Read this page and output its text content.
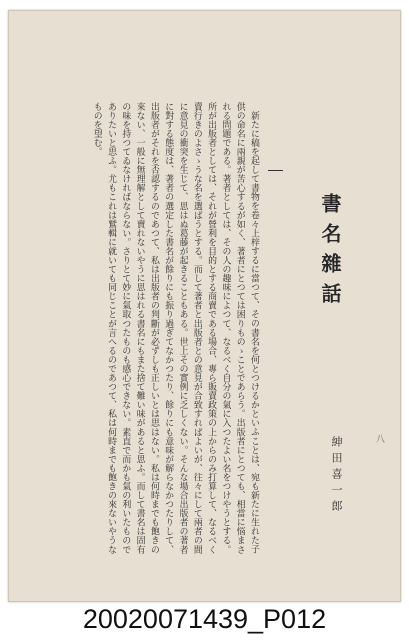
八
書名雜話
紳田喜一郎

新たに稿を起して書物を卷々上梓するに當つて、その書名を何とつけるかといふことは、宛も新たに生れた子供の命名に兩親が苦心するが如く、著者にとつては困りものゝことであらう。出版者にとつても、相當に悩まされる問題である。著者としては、その人の趣味によつて、なるべく自分の氣に入つたよい名をつけやうとする。所が出版者としては、それが營利を目的とする商賣である場合、專ら販賣政策の上からのみ打算して、なるべく賣行きのよさゝうな名を選ばうとする。而して著者と出版者との意見が合致すればよいが、往々にして兩者の間に意見の衝突を生じて、思はぬ葛藤が起きることもある。世上その實例に乏しくない。そんな場合出版者の著者に對する態度は、著者の選定した書名が餘りにも振り過ぎてなかつたり、餘りにも意味が解らなかつたりして、出版者がそれを否認するのであつて、私は出版者の判斷が必ずしも正しいとは思はない。私は何時までも飽きの來ない、一般に無理解として賣れないやうに思はれる書名にもまた捨て難い味があると思ふ。而して書名は固有の味を持つてゐなければならない。さりとて妙に氣取つたものも感心できない。素直で而かも氣の利いたものでありたいと思ふ。尤もこれは鷲輯に就いても同じことが言へるのであつて、私は何時までも飽きの來ないやうなものを望む。

20020071439_P012
